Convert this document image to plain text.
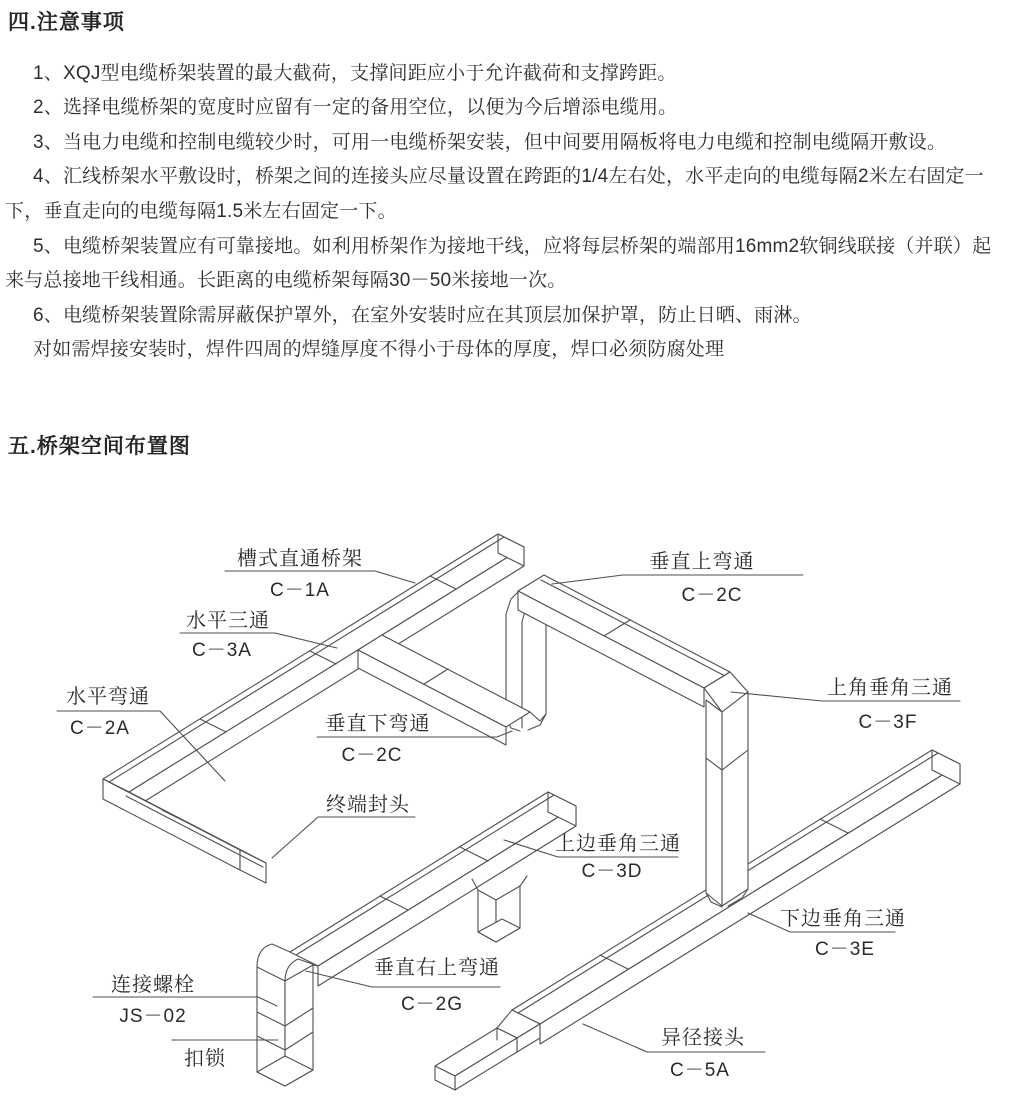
四.注意事项
1、XQJ型电缆桥架装置的最大截荷，支撑间距应小于允许截荷和支撑跨距。
2、选择电缆桥架的宽度时应留有一定的备用空位，以便为今后增添电缆用。
3、当电力电缆和控制电缆较少时，可用一电缆桥架安装，但中间要用隔板将电力电缆和控制电缆隔开敷设。
4、汇线桥架水平敷设时，桥架之间的连接头应尽量设置在跨距的1/4左右处，水平走向的电缆每隔2米左右固定一
下，垂直走向的电缆每隔1.5米左右固定一下。
5、电缆桥架装置应有可靠接地。如利用桥架作为接地干线，应将每层桥架的端部用16mm2软铜线联接（并联）起
来与总接地干线相通。长距离的电缆桥架每隔30－50米接地一次。
6、电缆桥架装置除需屏蔽保护罩外，在室外安装时应在其顶层加保护罩，防止日晒、雨淋。
对如需焊接安装时，焊件四周的焊缝厚度不得小于母体的厚度，焊口必须防腐处理
五.桥架空间布置图
槽式直通桥架
C－1A
水平三通
C－3A
水平弯通
C－2A
垂直上弯通
C－2C
上角垂角三通
C－3F
垂直下弯通
C－2C
终端封头
上边垂角三通
C－3D
下边垂角三通
C－3E
垂直右上弯通
C－2G
连接螺栓
JS－02
扣锁
异径接头
C－5A
